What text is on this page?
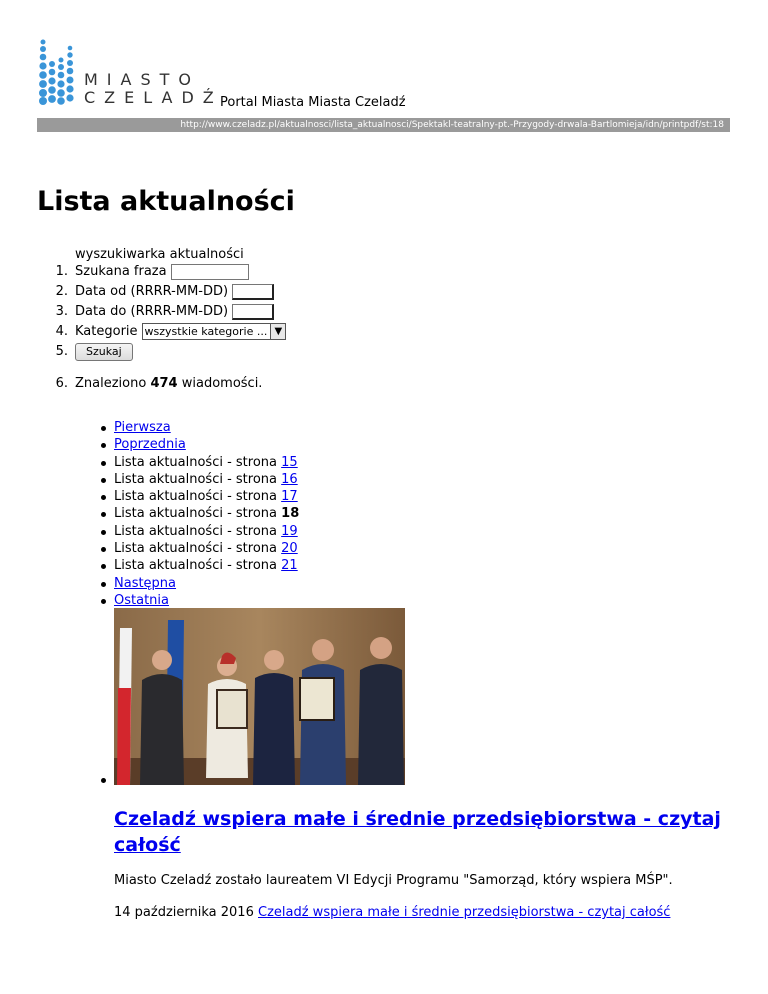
MIASTO
CZELADŹ
Portal Miasta Miasta Czeladź
http://www.czeladz.pl/aktualnosci/lista_aktualnosci/Spektakl-teatralny-pt.-Przygody-drwala-Bartlomieja/idn/printpdf/st:18
Lista aktualności
wyszukiwarka aktualności
1. Szukana fraza
2. Data od (RRRR-MM-DD)
3. Data do (RRRR-MM-DD)
4. Kategorie wszystkie kategorie ... ▼
5.	Szukaj
6. Znaleziono 474 wiadomości.
Pierwsza
Poprzednia
Lista aktualności - strona 15
Lista aktualności - strona 16
Lista aktualności - strona 17
Lista aktualności - strona 18
Lista aktualności - strona 19
Lista aktualności - strona 20
Lista aktualności - strona 21
Następna
Ostatnia
Czeladź wspiera małe i średnie przedsiębiorstwa - czytaj całość
Miasto Czeladź zostało laureatem VI Edycji Programu "Samorząd, który wspiera MŚP".
14 października 2016 Czeladź wspiera małe i średnie przedsiębiorstwa - czytaj całość
